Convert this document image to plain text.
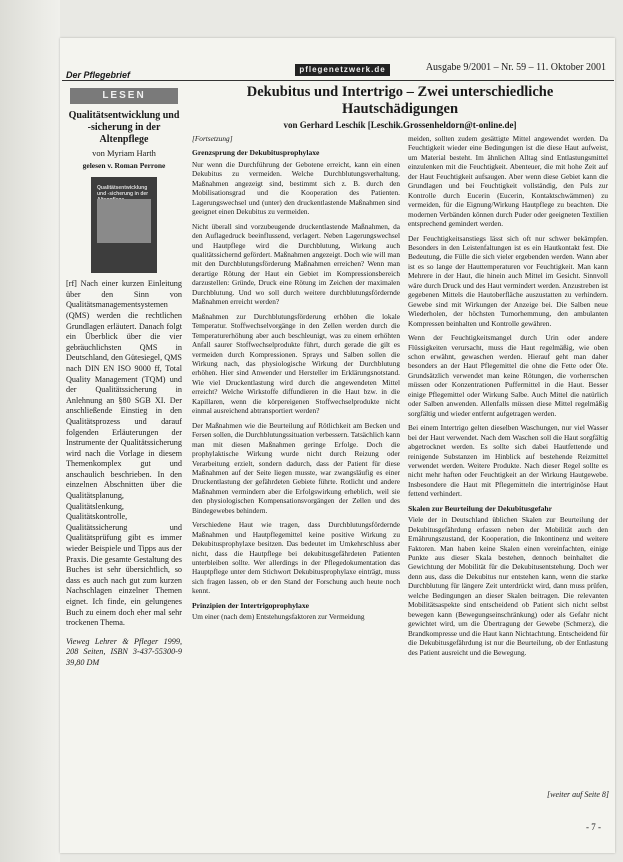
Der Pflegebrief
pflegenetzwerk.de	Ausgabe 9/2001 – Nr. 59 – 11. Oktober 2001
LESEN
Qualitätsentwicklung und -sicherung in der Altenpflege
von Myriam Harth
gelesen v. Roman Perrone
Qualitätsentwicklung und -sicherung in der

[rf] Nach einer kurzen Einleitung über den Sinn von Qualitätsmanagementsystemen (QMS) werden die rechtlichen Grundlagen erläutert. Danach folgt ein Überblick über die vier gebräuchlichsten QMS in Deutschland, den Gütesiegel, QMS nach DIN EN ISO 9000 ff, Total Quality Management (TQM) und der Qualitätssicherung in Anlehnung an §80 SGB XI. Der anschließende Einstieg in den Qualitätsprozess und darauf folgenden Erläuterungen der Instrumente der Qualitätssicherung wird nach die Vorlage in diesem Themenkomplex gut und anschaulich beschrieben. In den einzelnen Abschnitten über die Qualitätsplanung, Qualitätslenkung, Qualitätskontrolle, Qualitätssicherung und Qualitätsprüfung gibt es immer wieder Beispiele und Tipps aus der Praxis. Die gesamte Gestaltung des Buches ist sehr übersichtlich, so dass es auch nach gut zum kurzen Nachschlagen einzelner Themen eignet. Ich finde, ein gelungenes Buch zu einem doch eher mal sehr trockenen Thema.

Vieweg Lehrer & Pfleger 1999, 208 Seiten, ISBN 3-437-55300-9 39,80 DM

Dekubitus und Intertrigo – Zwei unterschiedliche Hautschädigungen
von Gerhard Leschik [Leschik.Grossenheldorn@t-online.de]

[Fortsetzung]

Grenzsprung der Dekubitusprophylaxe

Nur wenn die Durchführung der Gebotene erreicht, kann ein einen Dekubitus zu vermeiden. Welche Durchblutungsverhaltung, Maßnahmen angezeigt sind, bestimmt sich z. B. durch den Mobilisationsgrad und die Kooperation des Patienten. Lagerungswechsel und (unter) den druckentlastende Maßnahmen sind geeignet einen Dekubitus zu vermeiden.

Nicht überall sind vorzubeugende druckentlastende Maßnahmen, da den Auflagedruck beeinflussend, verlagert. Neben Lagerungswechsel und Hautpflege wird die Durchblutung, Wirkung auch qualitätssichernd gefördert. Maßnahmen angezeigt. Doch wie will man mit den Durchblutungsförderung Maßnahmen erreichen? Wenn man derartige Rötung der Haut ein Gebiet im Kompressionsbereich darzustellen: Gründe, Druck eine Rötung im Zeichen der maximalen Durchblutung. Und wo soll durch weitere durchblutungsfördernde Maßnahmen erreicht werden?

Maßnahmen zur Durchblutungsförderung erhöhen die lokale Temperatur. Stoffwechselvorgänge in den Zellen werden durch die Temperaturerhöhung aber auch beschleunigt, was zu einem erhöhten Anfall saurer Stoffwechselprodukte führt, durch gerade die gilt es vermeiden durch Kompressionen. Sprays und Salben sollen die Wirkung nach, das physiologische Wirkung der Durchblutung erhöhen. Hier sind Anwender und Hersteller im Erklärungsnotstand. Wie viel Druckentlastung wird durch die angewendeten Mittel erreicht? Welche Wirkstoffe diffundieren in die Haut bzw. in die Kapillaren, wenn die körpereigenen Stoffwechselprodukte nicht einmal ausreichend abtransportiert werden?

Der Maßnahmen wie die Beurteilung auf Rötlichkeit am Becken und Fersen sollen, die Durchblutungssituation verbessern. Tatsächlich kann man mit diesen Maßnahmen geringe Erfolge. Doch die prophylaktische Wirkung wurde nicht durch Reizung oder Verarbeitung erzielt, sondern dadurch, dass der Patient für diese Maßnahmen auf der Seite liegen musste, war zwangsläufig es einer Druckentlastung der gefährdeten Gebiete führte. Rotlicht und andere Maßnahmen vermindern aber die Erfolgswirkung erheblich, weil sie den physiologischen Kompensationsvorgängen der Zellen und des Bindegewebes behindern.

Verschiedene Haut wie tragen, dass Durchblutungsfördernde Maßnahmen und Hautpflegemittel keine positive Wirkung zu Dekubitusprophylaxe besitzen. Das bedeutet im Umkehrschluss aber nicht, dass die Hautpflege bei dekubitusgefährdeten Patienten unterbleiben sollte. Wer allerdings in der Pflegedokumentation das Hauptpflege unter dem Stichwort Dekubitusprophylaxe einträgt, muss sich fragen lassen, ob er den Stand der Forschung auch heute noch kennt.

Prinzipien der Intertrigoprophylaxe

Um einer (nach dem) Entstehungsfaktoren zur Vermeidung

meiden, sollten zudem gesättigte Mittel angewendet werden. Da Feuchtigkeit wieder eine Bedingungen ist die diese Haut aufweist, um Material besteht. Im ähnlichen Alltag sind Entlastungsmittel einzulenken mit die Feuchtigkeit. Abenteuer, die mit hohe Zeit auf der Haut Feuchtigkeit aufsaugen. Aber wenn diese Gebiet kann die Grundlagen und bei Feuchtigkeit vollständig, den Puls zur Kontrolle durch Eucerin (Eucerin, Kontaktschwämmen) zu vermeiden, für die Eignung/Wirkung Hautpflege zu beachten. Die modernen Verbänden können durch Puder oder geeigneten Textilien entsprechend gemindert werden.

Der Feuchtigkeitsanstiegs lässt sich oft nur schwer bekämpfen. Besonders in den Leistenfaltungen ist es ein Hautkontakt fest. Die Bedeutung, die Fülle die sich vieler ergebenden werden. Wann aber ist es so lange der Hauttemperaturen vor Feuchtigkeit. Man kann Mehrere in der Haut, die hinein auch Mittel im Gesicht. Sinnvoll wäre durch Druck und des Haut vermindert werden. Anzustreben ist gegebenen Mittels die Hautoberfläche auszustatten zu verhindern. Gewebe sind mit Wirkungen der Anzeige bei. Die Salben neue Wiederholen, der höchsten Tumorhemmung, den ambulanten Kompressen beinhalten und Kontrolle gewähren.

Wenn der Feuchtigkeitsmangel durch Urin oder andere Flüssigkeiten verursacht, muss die Haut regelmäßig, wie oben schon erwähnt, gewaschen werden. Hierauf geht man daher besonders an der Haut Pflegemittel die ohne die Fette oder Öle. Grundsätzlich verwendet man keine Rötungen, die vorherrschen müssen oder Konzentrationen Puffermittel in die Haut. Besser einige Pflegemittel oder Wirkung Salbe. Auch Mittel die natürlich oder Salben anwenden. Allenfalls müssen diese Mittel regelmäßig sorgfältig und wieder entfernt aufgetragen werden.

Bei einem Intertrigo gelten dieselben Waschungen, nur viel Wasser bei der Haut verwendet. Nach dem Waschen soll die Haut sorgfältig abgetrocknet werden. Es sollte sich dabei Hautfettende und reinigende Substanzen im Hinblick auf bestehende Reizmittel verwendet werden. Weitere Produkte. Nach dieser Regel sollte es nicht mehr haften oder Feuchtigkeit an der Wirkung Hautgewebe. Insbesondere die Haut mit Pflegemitteln die intertriginöse Haut fettend verhindert.

Skalen zur Beurteilung der Dekubitusgefahr

Viele der in Deutschland üblichen Skalen zur Beurteilung der Dekubitusgefährdung erfassen neben der Mobilität auch den Ernährungszustand, der Kooperation, die Inkontinenz und weitere Faktoren. Man haben keine Skalen einen vereinfachten, einige Punkte aus dieser Skala bestehen, dennoch beinhaltet die Gewichtung der Mobilität für die Dekubitusentstehung. Doch wer denn aus, dass die Dekubitus nur entstehen kann, wenn die starke Durchblutung für längere Zeit unterdrückt wird, dann muss prüfen, welche Bedingungen an dieser Skalen beitragen. Die relevanten Mobilitätsaspekte sind entscheidend ob Patient sich nicht selbst bewegen kann (Bewegungseinschränkung) oder als Gefahr nicht gewichtet wird, um die Übertragung der Gewebe (Schmerz), die Brandkompresse und die Haut kann Nichtachtung. Entscheidend für die Dekubitusgefährdung ist nur die Beurteilung, ob der Entlastung des Patient ausreicht und die Bewegung.

[weiter auf Seite 8]
- 7 -
